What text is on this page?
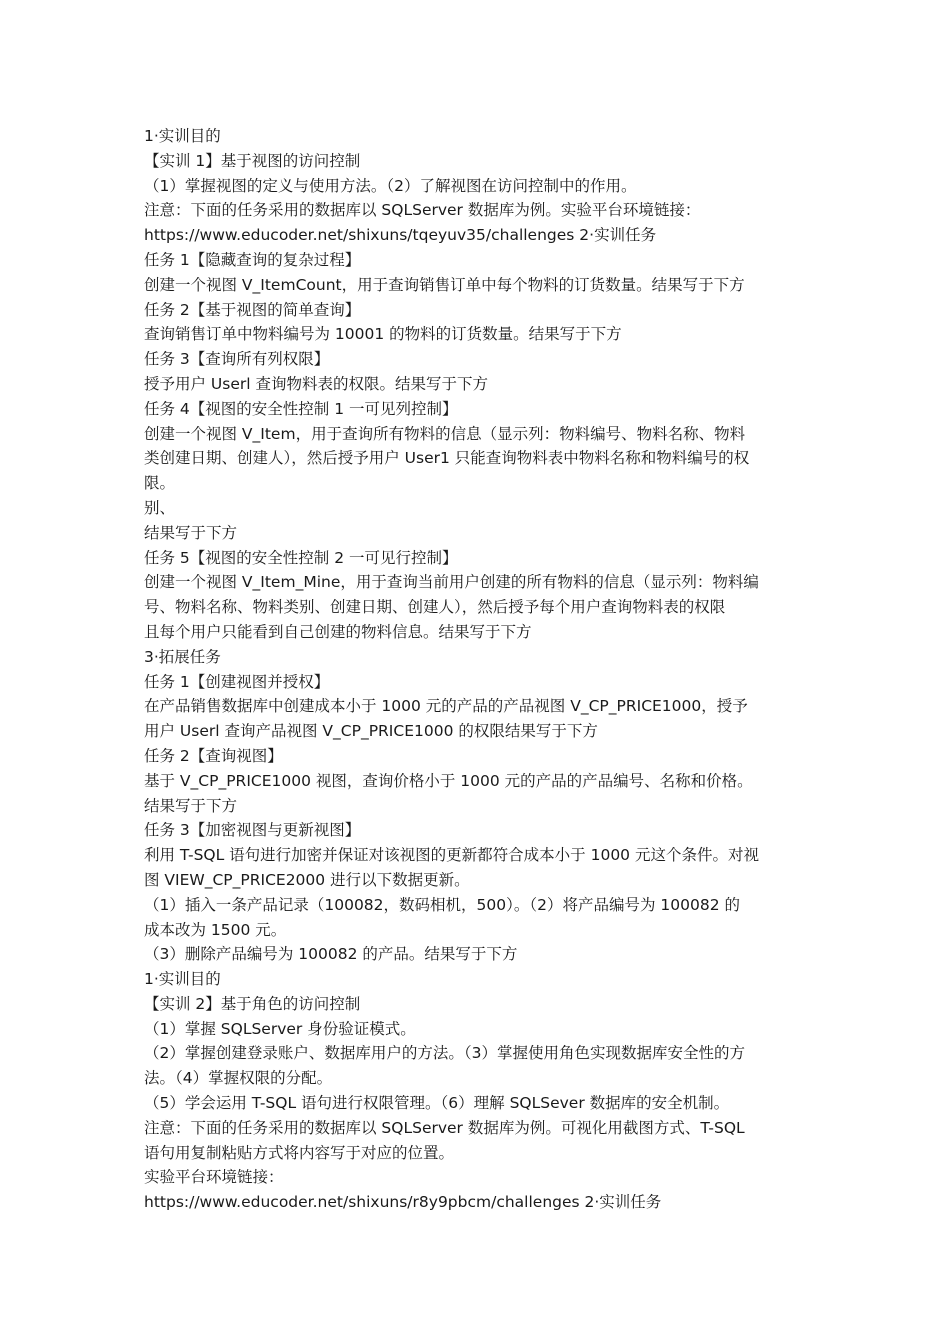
1·实训目的
【实训 1】基于视图的访问控制
（1）掌握视图的定义与使用方法。（2）了解视图在访问控制中的作用。
注意：下面的任务采用的数据库以 SQLServer 数据库为例。实验平台环境链接：
https://www.educoder.net/shixuns/tqeyuv35/challenges 2·实训任务
任务 1【隐藏查询的复杂过程】
创建一个视图 V_ItemCount，用于查询销售订单中每个物料的订货数量。结果写于下方
任务 2【基于视图的简单查询】
查询销售订单中物料编号为 10001 的物料的订货数量。结果写于下方
任务 3【查询所有列权限】
授予用户 Userl 查询物料表的权限。结果写于下方
任务 4【视图的安全性控制 1 一可见列控制】
创建一个视图 V_Item，用于查询所有物料的信息（显示列：物料编号、物料名称、物料
类创建日期、创建人），然后授予用户 User1 只能查询物料表中物料名称和物料编号的权
限。
别、
结果写于下方
任务 5【视图的安全性控制 2 一可见行控制】
创建一个视图 V_Item_Mine，用于查询当前用户创建的所有物料的信息（显示列：物料编
号、物料名称、物料类别、创建日期、创建人），然后授予每个用户查询物料表的权限
且每个用户只能看到自己创建的物料信息。结果写于下方
3·拓展任务
任务 1【创建视图并授权】
在产品销售数据库中创建成本小于 1000 元的产品的产品视图 V_CP_PRICE1000，授予
用户 Userl 查询产品视图 V_CP_PRICE1000 的权限结果写于下方
任务 2【查询视图】
基于 V_CP_PRICE1000 视图，查询价格小于 1000 元的产品的产品编号、名称和价格。
结果写于下方
任务 3【加密视图与更新视图】
利用 T-SQL 语句进行加密并保证对该视图的更新都符合成本小于 1000 元这个条件。对视
图 VIEW_CP_PRICE2000 进行以下数据更新。
（1）插入一条产品记录（100082，数码相机，500）。（2）将产品编号为 100082 的
成本改为 1500 元。
（3）删除产品编号为 100082 的产品。结果写于下方
1·实训目的
【实训 2】基于角色的访问控制
（1）掌握 SQLServer 身份验证模式。
（2）掌握创建登录账户、数据库用户的方法。（3）掌握使用角色实现数据库安全性的方
法。（4）掌握权限的分配。
（5）学会运用 T-SQL 语句进行权限管理。（6）理解 SQLSever 数据库的安全机制。
注意：下面的任务采用的数据库以 SQLServer 数据库为例。可视化用截图方式、T-SQL
语句用复制粘贴方式将内容写于对应的位置。
实验平台环境链接：
https://www.educoder.net/shixuns/r8y9pbcm/challenges 2·实训任务
